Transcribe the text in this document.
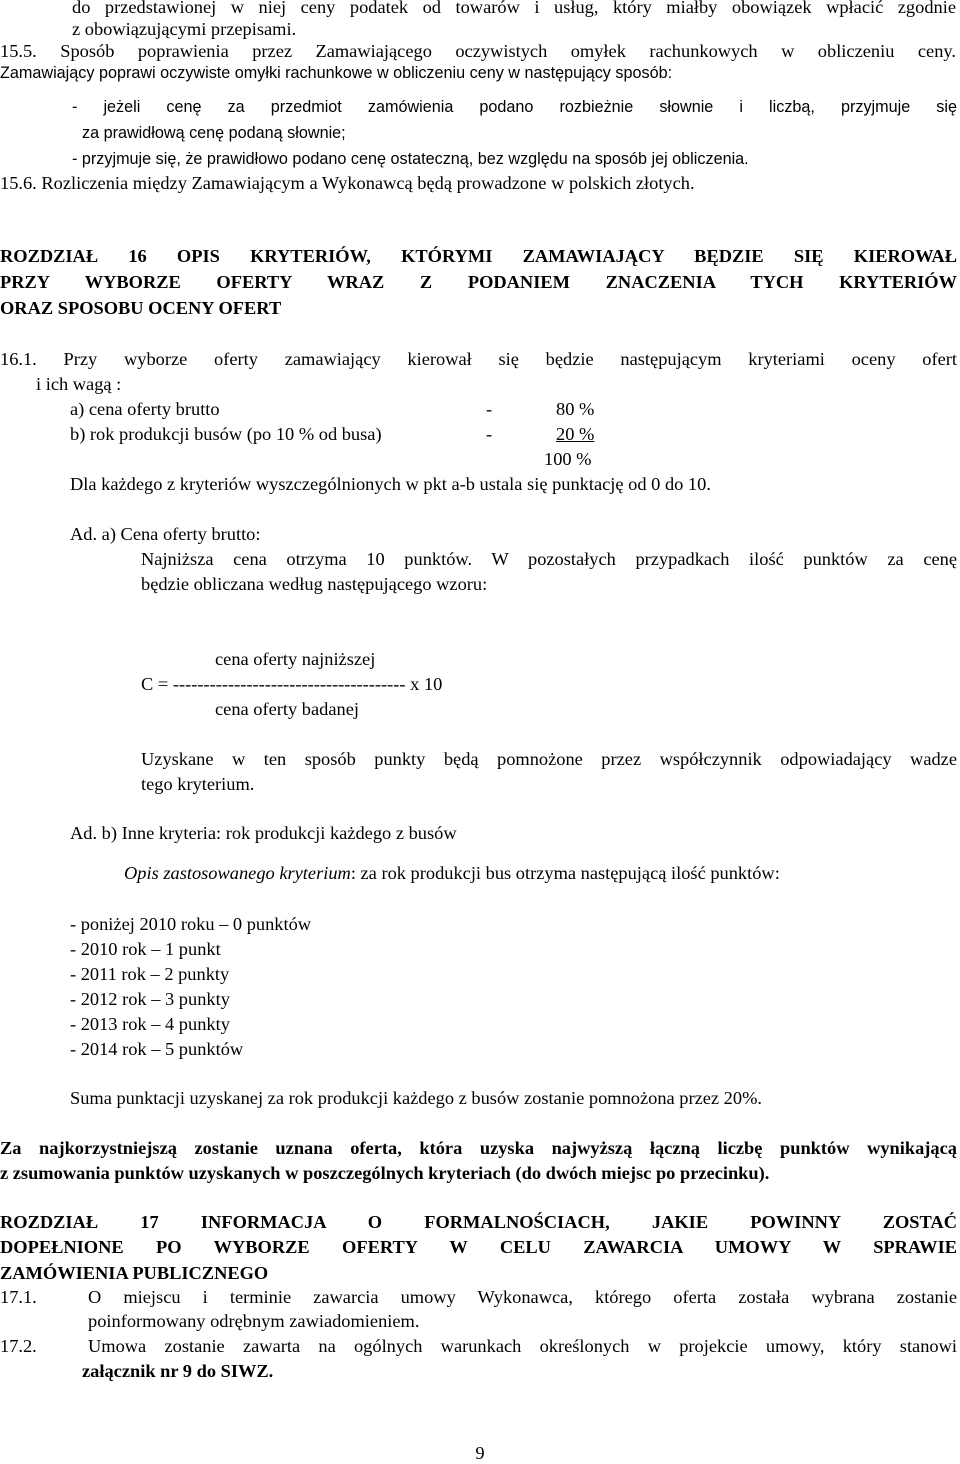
do przedstawionej w niej ceny podatek od towarów i usług, który miałby obowiązek wpłacić zgodnie
z obowiązującymi przepisami.
15.5. Sposób poprawienia przez Zamawiającego oczywistych omyłek rachunkowych w obliczeniu ceny.
Zamawiający poprawi oczywiste omyłki rachunkowe w obliczeniu ceny w następujący sposób:
- jeżeli cenę za przedmiot zamówienia podano rozbieżnie słownie i liczbą, przyjmuje się
za prawidłową cenę podaną słownie;
- przyjmuje się, że prawidłowo podano cenę ostateczną, bez względu na sposób jej obliczenia.
15.6. Rozliczenia między Zamawiającym a Wykonawcą będą prowadzone w polskich złotych.
ROZDZIAŁ 16 OPIS KRYTERIÓW, KTÓRYMI ZAMAWIAJĄCY BĘDZIE SIĘ KIEROWAŁ
PRZY WYBORZE OFERTY WRAZ Z PODANIEM ZNACZENIA TYCH KRYTERIÓW
ORAZ SPOSOBU OCENY OFERT
16.1. Przy wyborze oferty zamawiający kierował się będzie następującym kryteriami oceny ofert
i ich wagą :
a) cena oferty brutto	-	80 %
b) rok produkcji busów (po 10 % od busa)	-	20 %
100 %
Dla każdego z kryteriów wyszczególnionych w pkt a-b ustala się punktację od 0 do 10.
Ad. a) Cena oferty brutto:
Najniższa cena otrzyma 10 punktów. W pozostałych przypadkach ilość punktów za cenę
będzie obliczana według następującego wzoru:
cena oferty najniższej
C = -------------------------------------- x 10
cena oferty badanej
Uzyskane w ten sposób punkty będą pomnożone przez współczynnik odpowiadający wadze
tego kryterium.
Ad. b) Inne kryteria: rok produkcji każdego z busów
Opis zastosowanego kryterium: za rok produkcji bus otrzyma następującą ilość punktów:
- poniżej 2010 roku – 0 punktów
- 2010 rok – 1 punkt
- 2011 rok – 2 punkty
- 2012 rok – 3 punkty
- 2013 rok – 4 punkty
- 2014 rok – 5 punktów
Suma punktacji uzyskanej za rok produkcji każdego z busów zostanie pomnożona przez 20%.
Za najkorzystniejszą zostanie uznana oferta, która uzyska najwyższą łączną liczbę punktów wynikającą
z zsumowania punktów uzyskanych w poszczególnych kryteriach (do dwóch miejsc po przecinku).
ROZDZIAŁ 17 INFORMACJA O FORMALNOŚCIACH, JAKIE POWINNY ZOSTAĆ
DOPEŁNIONE PO WYBORZE OFERTY W CELU ZAWARCIA UMOWY W SPRAWIE
ZAMÓWIENIA PUBLICZNEGO
17.1.	O miejscu i terminie zawarcia umowy Wykonawca, którego oferta została wybrana zostanie
poinformowany odrębnym zawiadomieniem.
17.2.	Umowa zostanie zawarta na ogólnych warunkach określonych w projekcie umowy, który stanowi
załącznik nr 9 do SIWZ.
9
